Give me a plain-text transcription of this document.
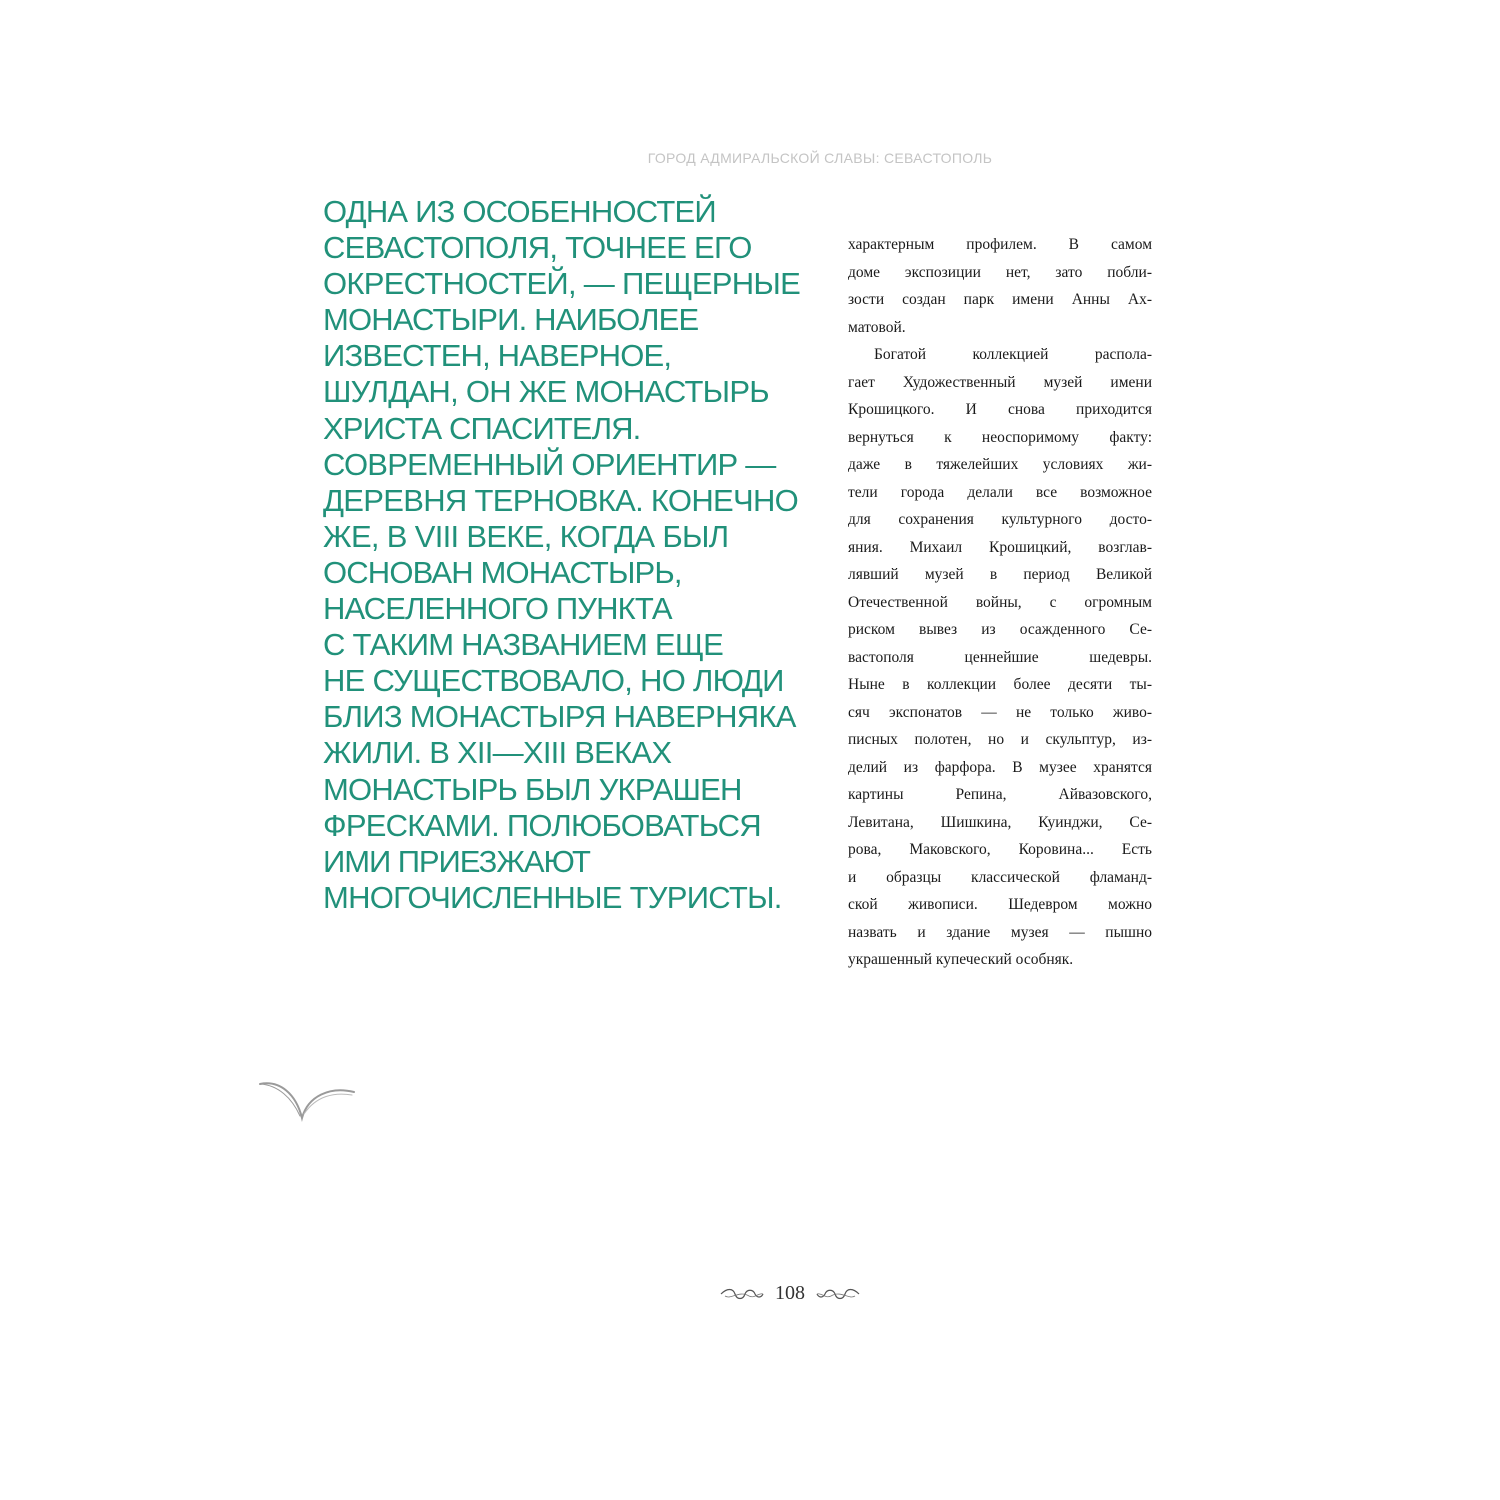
ГОРОД АДМИРАЛЬСКОЙ СЛАВЫ: СЕВАСТОПОЛЬ
ОДНА ИЗ ОСОБЕННОСТЕЙ
СЕВАСТОПОЛЯ, ТОЧНЕЕ ЕГО
ОКРЕСТНОСТЕЙ, — ПЕЩЕРНЫЕ
МОНАСТЫРИ. НАИБОЛЕЕ
ИЗВЕСТЕН, НАВЕРНОЕ,
ШУЛДАН, ОН ЖЕ МОНАСТЫРЬ
ХРИСТА СПАСИТЕЛЯ.
СОВРЕМЕННЫЙ ОРИЕНТИР —
ДЕРЕВНЯ ТЕРНОВКА. КОНЕЧНО
ЖЕ, В VIII ВЕКЕ, КОГДА БЫЛ
ОСНОВАН МОНАСТЫРЬ,
НАСЕЛЕННОГО ПУНКТА
С ТАКИМ НАЗВАНИЕМ ЕЩЕ
НЕ СУЩЕСТВОВАЛО, НО ЛЮДИ
БЛИЗ МОНАСТЫРЯ НАВЕРНЯКА
ЖИЛИ. В XII—XIII ВЕКАХ
МОНАСТЫРЬ БЫЛ УКРАШЕН
ФРЕСКАМИ. ПОЛЮБОВАТЬСЯ
ИМИ ПРИЕЗЖАЮТ
МНОГОЧИСЛЕННЫЕ ТУРИСТЫ.
характерным профилем. В самом
доме экспозиции нет, зато побли-
зости создан парк имени Анны Ах-
матовой.
Богатой коллекцией распола-
гает Художественный музей имени
Крошицкого. И снова приходится
вернуться к неоспоримому факту:
даже в тяжелейших условиях жи-
тели города делали все возможное
для сохранения культурного досто-
яния. Михаил Крошицкий, возглав-
лявший музей в период Великой
Отечественной войны, с огромным
риском вывез из осажденного Се-
вастополя ценнейшие шедевры.
Ныне в коллекции более десяти ты-
сяч экспонатов — не только живо-
писных полотен, но и скульптур, из-
делий из фарфора. В музее хранятся
картины Репина, Айвазовского,
Левитана, Шишкина, Куинджи, Се-
рова, Маковского, Коровина... Есть
и образцы классической фламанд-
ской живописи. Шедевром можно
назвать и здание музея — пышно
украшенный купеческий особняк.
108
